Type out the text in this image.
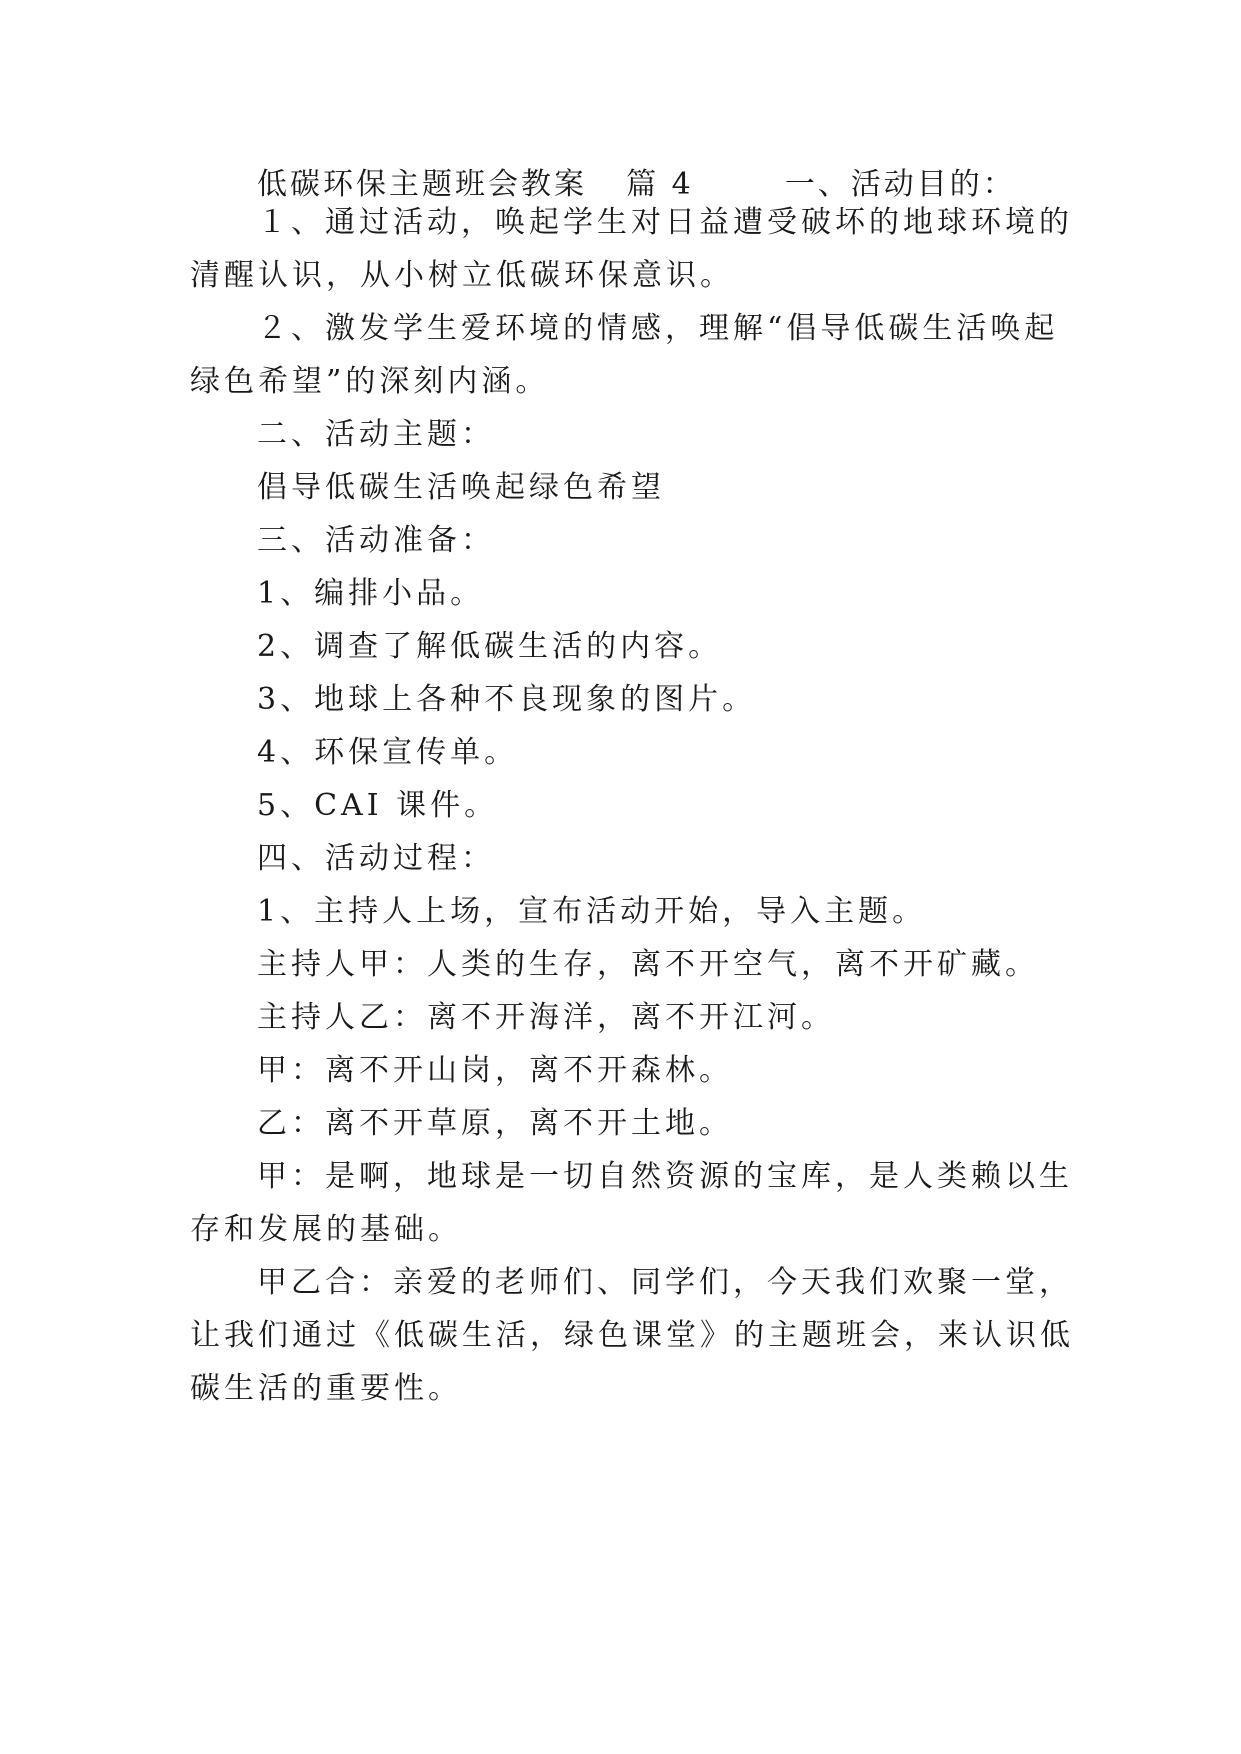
低碳环保主题班会教案 篇 4	一、活动目的：
１、通过活动，唤起学生对日益遭受破坏的地球环境的
清醒认识，从小树立低碳环保意识。
２、激发学生爱环境的情感，理解“倡导低碳生活唤起
绿色希望”的深刻内涵。
二、活动主题：
倡导低碳生活唤起绿色希望
三、活动准备：
1、编排小品。
2、调查了解低碳生活的内容。
3、地球上各种不良现象的图片。
4、环保宣传单。
5、CAI 课件。
四、活动过程：
1、主持人上场，宣布活动开始，导入主题。
主持人甲：人类的生存，离不开空气，离不开矿藏。
主持人乙：离不开海洋，离不开江河。
甲：离不开山岗，离不开森林。
乙：离不开草原，离不开土地。
甲：是啊，地球是一切自然资源的宝库，是人类赖以生
存和发展的基础。
甲乙合：亲爱的老师们、同学们，今天我们欢聚一堂，
让我们通过《低碳生活，绿色课堂》的主题班会，来认识低
碳生活的重要性。
